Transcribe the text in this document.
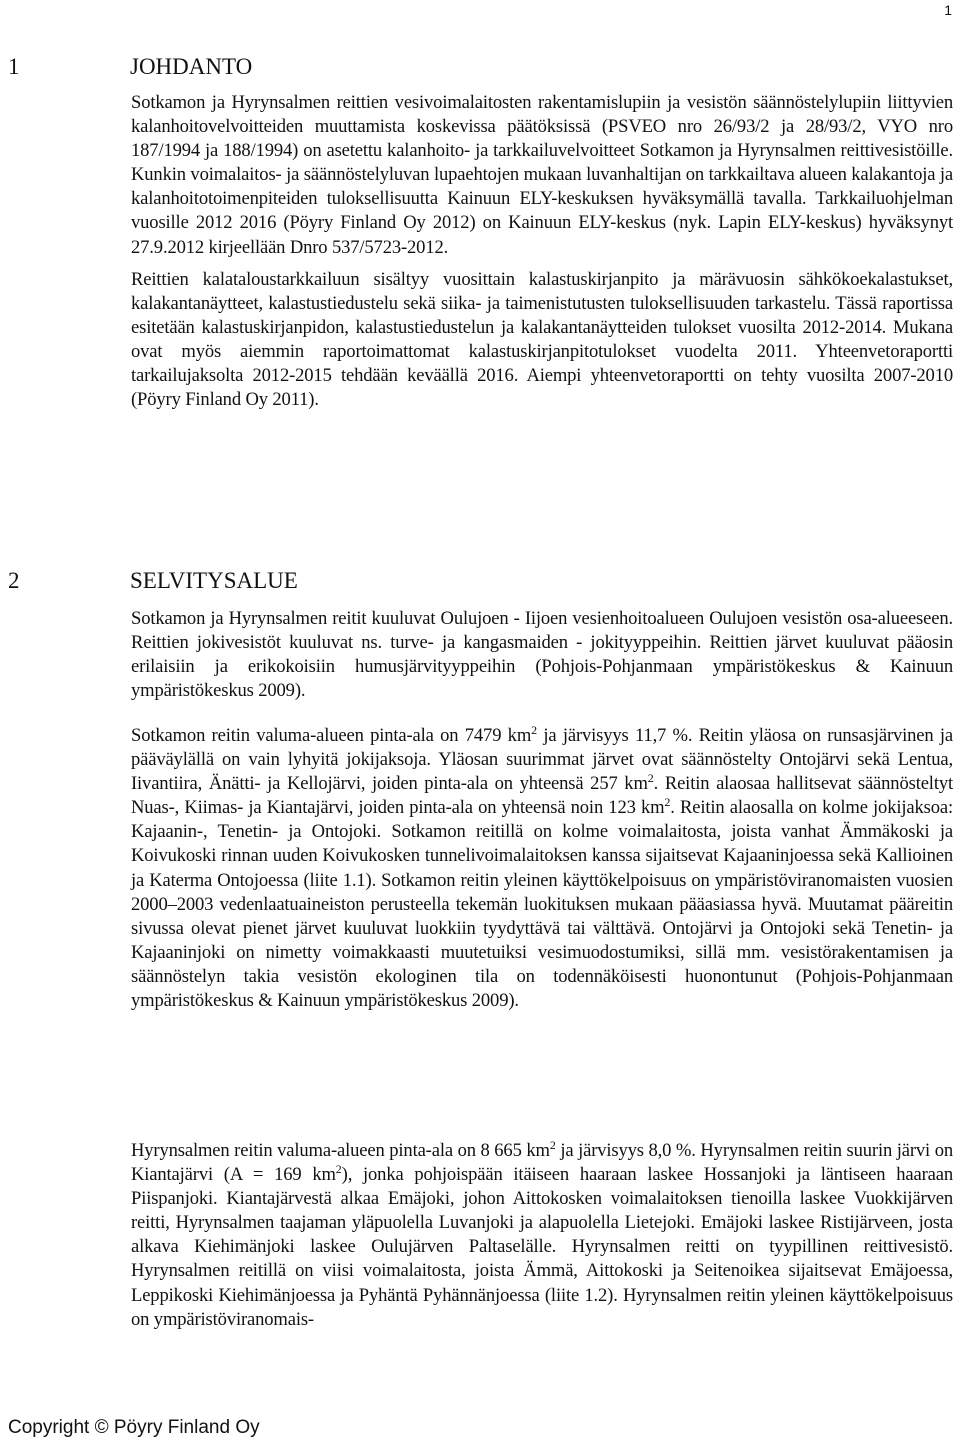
1
1	JOHDANTO

Sotkamon ja Hyrynsalmen reittien vesivoimalaitosten rakentamislupiin ja vesistön säännöstelylupiin liittyvien kalanhoitovelvoitteiden muuttamista koskevissa päätöksissä (PSVEO nro 26/93/2 ja 28/93/2, VYO nro 187/1994 ja 188/1994) on asetettu kalanhoito- ja tarkkailuvelvoitteet Sotkamon ja Hyrynsalmen reittivesistöille. Kunkin voimalaitos- ja säännöstelyluvan lupaehtojen mukaan luvanhaltijan on tarkkailtava alueen kalakantoja ja kalanhoitotoimenpiteiden tuloksellisuutta Kainuun ELY-keskuksen hyväksymällä tavalla. Tarkkailuohjelman vuosille 2012 2016 (Pöyry Finland Oy 2012) on Kainuun ELY-keskus (nyk. Lapin ELY-keskus) hyväksynyt 27.9.2012 kirjeellään Dnro 537/5723-2012.

Reittien kalataloustarkkailuun sisältyy vuosittain kalastuskirjanpito ja märävuosin sähkökoekalastukset, kalakantanäytteet, kalastustiedustelu sekä siika- ja taimenistutusten tuloksellisuuden tarkastelu. Tässä raportissa esitetään kalastuskirjanpidon, kalastustiedustelun ja kalakantanäytteiden tulokset vuosilta 2012-2014. Mukana ovat myös aiemmin raportoimattomat kalastuskirjanpitotulokset vuodelta 2011. Yhteenvetoraportti tarkailujaksolta 2012-2015 tehdään keväällä 2016. Aiempi yhteenvetoraportti on tehty vuosilta 2007-2010 (Pöyry Finland Oy 2011).

2	SELVITYSALUE

Sotkamon ja Hyrynsalmen reitit kuuluvat Oulujoen - Iijoen vesienhoitoalueen Oulujoen vesistön osa-alueeseen. Reittien jokivesistöt kuuluvat ns. turve- ja kangasmaiden - jokityyppeihin. Reittien järvet kuuluvat pääosin erilaisiin ja erikokoisiin humusjärvityyppeihin (Pohjois-Pohjanmaan ympäristökeskus & Kainuun ympäristökeskus 2009).

Sotkamon reitin valuma-alueen pinta-ala on 7479 $km^2$ ja järvisyys 11,7 %. Reitin yläosa on runsasjärvinen ja pääväylällä on vain lyhyitä jokijaksoja. Yläosan suurimmat järvet ovat säännöstelty Ontojärvi sekä Lentua, Iivantiira, Änätti- ja Kellojärvi, joiden pinta-ala on yhteensä 257 $km^2$. Reitin alaosaa hallitsevat säännösteltyt Nuas-, Kiimas- ja Kiantajärvi, joiden pinta-ala on yhteensä noin 123 $km^2$. Reitin alaosalla on kolme jokijaksoa: Kajaanin-, Tenetin- ja Ontojoki. Sotkamon reitillä on kolme voimalaitosta, joista vanhat Ämmäkoski ja Koivukoski rinnan uuden Koivukosken tunnelivoimalaitoksen kanssa sijaitsevat Kajaaninjoessa sekä Kallioinen ja Katerma Ontojoessa (liite 1.1). Sotkamon reitin yleinen käyttökelpoisuus on ympäristöviranomaisten vuosien 2000–2003 vedenlaatuaineiston perusteella tekemän luokituksen mukaan pääasiassa hyvä. Muutamat pääreitin sivussa olevat pienet järvet kuuluvat luokkiin tyydyttävä tai välttävä. Ontojärvi ja Ontojoki sekä Tenetin- ja Kajaaninjoki on nimetty voimakkaasti muutetuiksi vesimuodostumiksi, sillä mm. vesistörakentamisen ja säännöstelyn takia vesistön ekologinen tila on todennäköisesti huonontunut (Pohjois-Pohjanmaan ympäristökeskus & Kainuun ympäristökeskus 2009).

Hyrynsalmen reitin valuma-alueen pinta-ala on 8 665 $km^2$ ja järvisyys 8,0 %. Hyrynsalmen reitin suurin järvi on Kiantajärvi (A = 169 $km^2$), jonka pohjoispään itäiseen haaraan laskee Hossanjoki ja läntiseen haaraan Piispanjoki. Kiantajärvestä alkaa Emäjoki, johon Aittokosken voimalaitoksen tienoilla laskee Vuokkijärven reitti, Hyrynsalmen taajaman yläpuolella Luvanjoki ja alapuolella Lietejoki. Emäjoki laskee Ristijärveen, josta alkava Kiehimänjoki laskee Oulujärven Paltaselälle. Hyrynsalmen reitti on tyypillinen reittivesistö. Hyrynsalmen reitillä on viisi voimalaitosta, joista Ämmä, Aittokoski ja Seitenoikea sijaitsevat Emäjoessa, Leppikoski Kiehimänjoessa ja Pyhäntä Pyhännänjoessa (liite 1.2). Hyrynsalmen reitin yleinen käyttökelpoisuus on ympäristöviranomais-

Copyright © Pöyry Finland Oy
